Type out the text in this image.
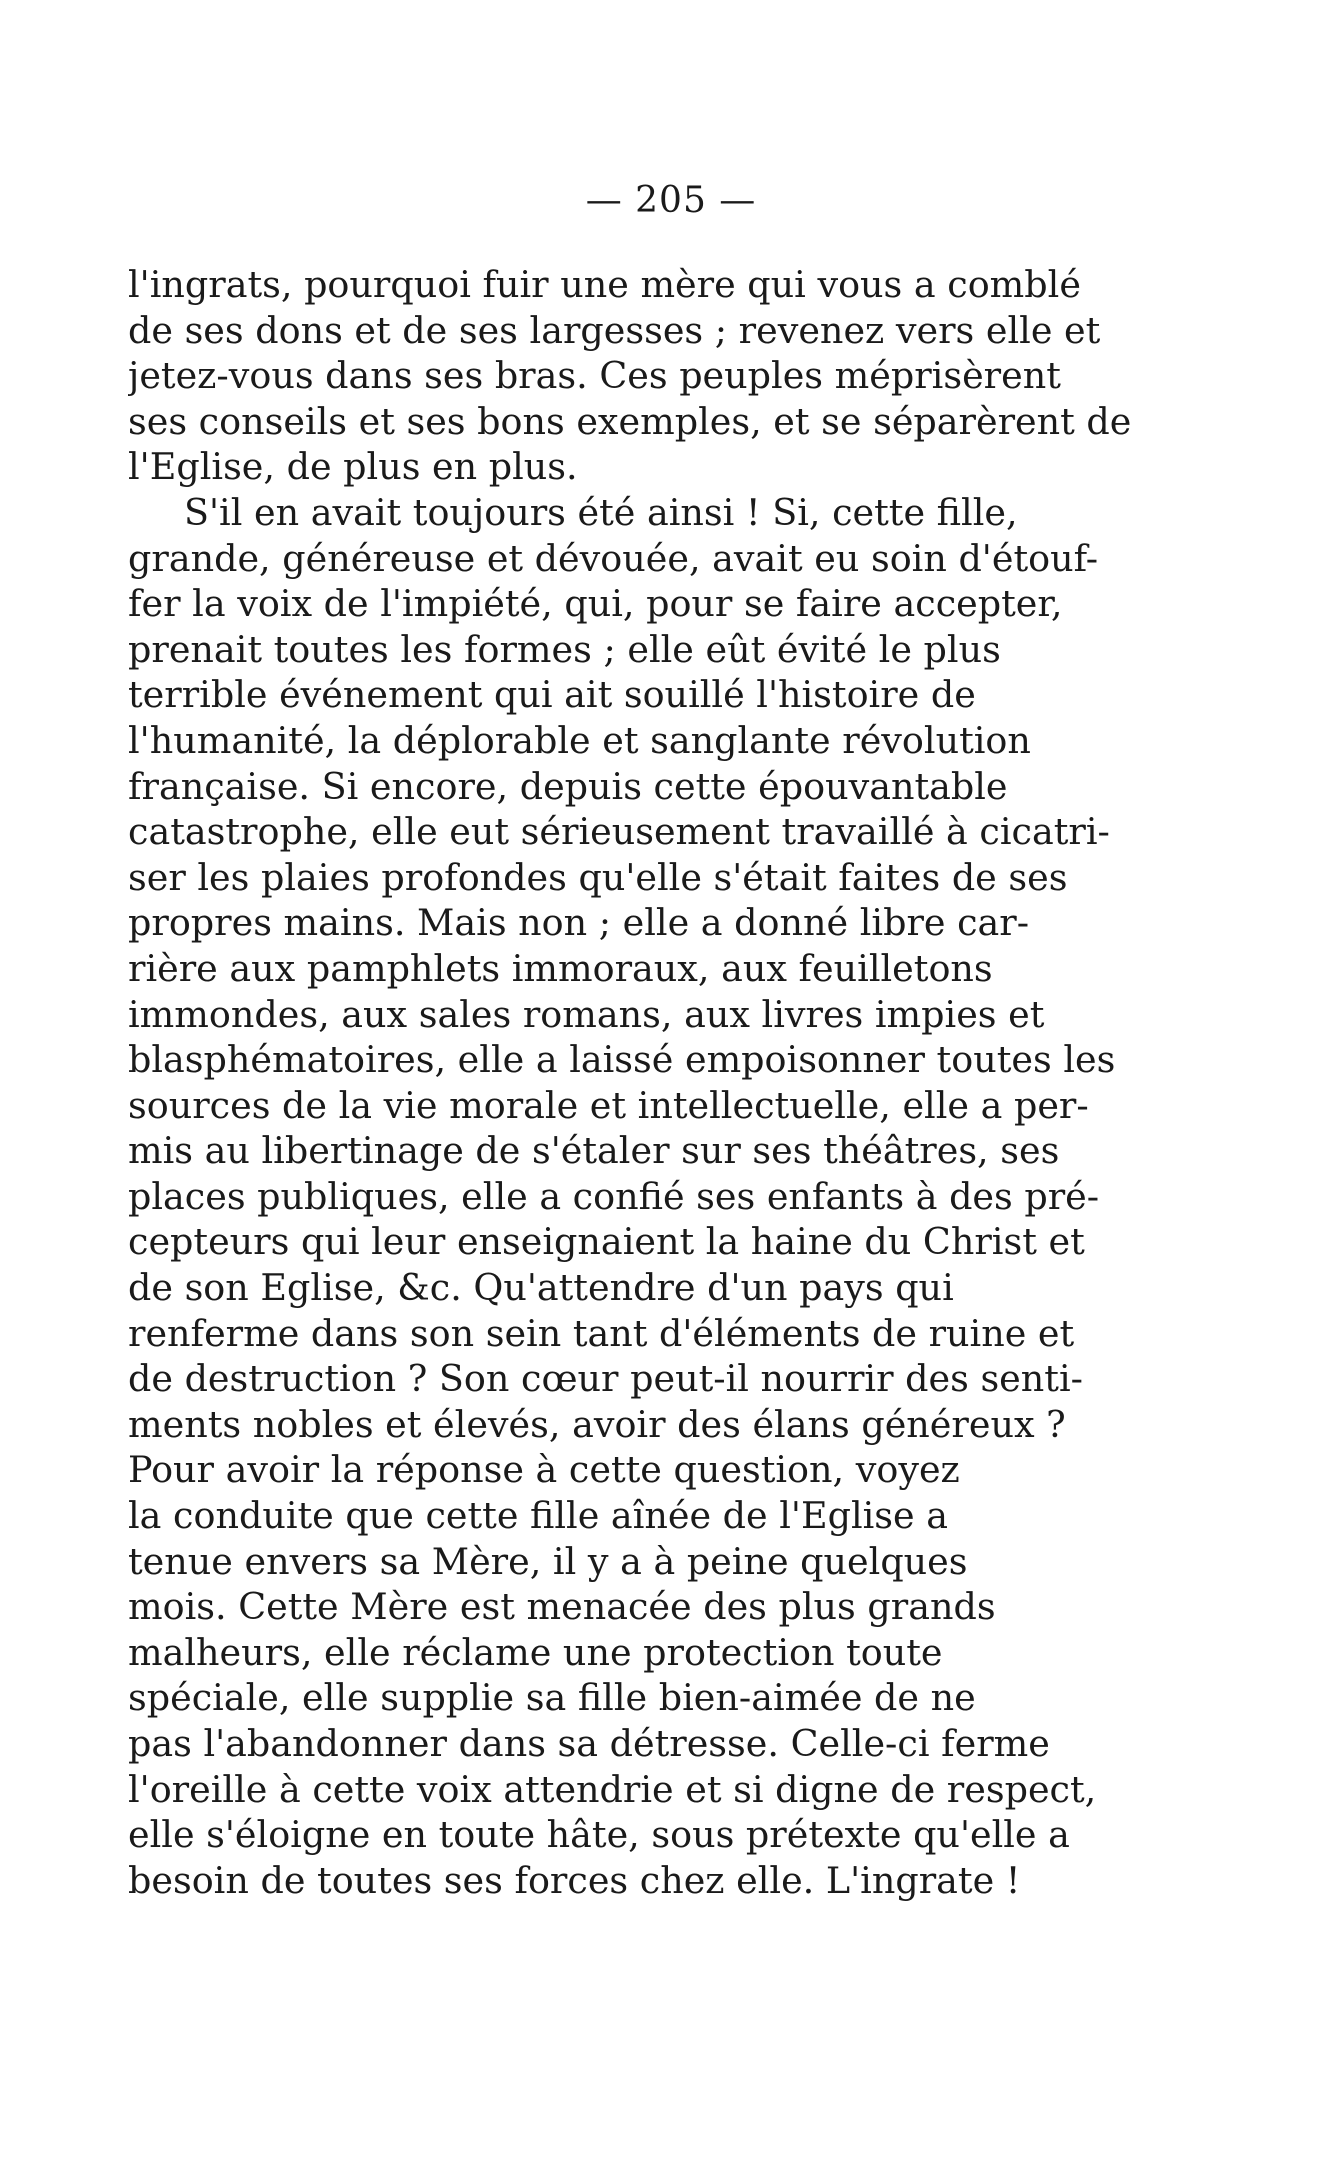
— 205 —
l'ingrats, pourquoi fuir une mère qui vous a comblé
de ses dons et de ses largesses ; revenez vers elle et
jetez-vous dans ses bras. Ces peuples méprisèrent
ses conseils et ses bons exemples, et se séparèrent de
l'Eglise, de plus en plus.
S'il en avait toujours été ainsi ! Si, cette fille,
grande, généreuse et dévouée, avait eu soin d'étouf-
fer la voix de l'impiété, qui, pour se faire accepter,
prenait toutes les formes ; elle eût évité le plus
terrible événement qui ait souillé l'histoire de
l'humanité, la déplorable et sanglante révolution
française. Si encore, depuis cette épouvantable
catastrophe, elle eut sérieusement travaillé à cicatri-
ser les plaies profondes qu'elle s'était faites de ses
propres mains. Mais non ; elle a donné libre car-
rière aux pamphlets immoraux, aux feuilletons
immondes, aux sales romans, aux livres impies et
blasphématoires, elle a laissé empoisonner toutes les
sources de la vie morale et intellectuelle, elle a per-
mis au libertinage de s'étaler sur ses théâtres, ses
places publiques, elle a confié ses enfants à des pré-
cepteurs qui leur enseignaient la haine du Christ et
de son Eglise, &c. Qu'attendre d'un pays qui
renferme dans son sein tant d'éléments de ruine et
de destruction ? Son cœur peut-il nourrir des senti-
ments nobles et élevés, avoir des élans généreux ?
Pour avoir la réponse à cette question, voyez
la conduite que cette fille aînée de l'Eglise a
tenue envers sa Mère, il y a à peine quelques
mois. Cette Mère est menacée des plus grands
malheurs, elle réclame une protection toute
spéciale, elle supplie sa fille bien-aimée de ne
pas l'abandonner dans sa détresse. Celle-ci ferme
l'oreille à cette voix attendrie et si digne de respect,
elle s'éloigne en toute hâte, sous prétexte qu'elle a
besoin de toutes ses forces chez elle. L'ingrate !
